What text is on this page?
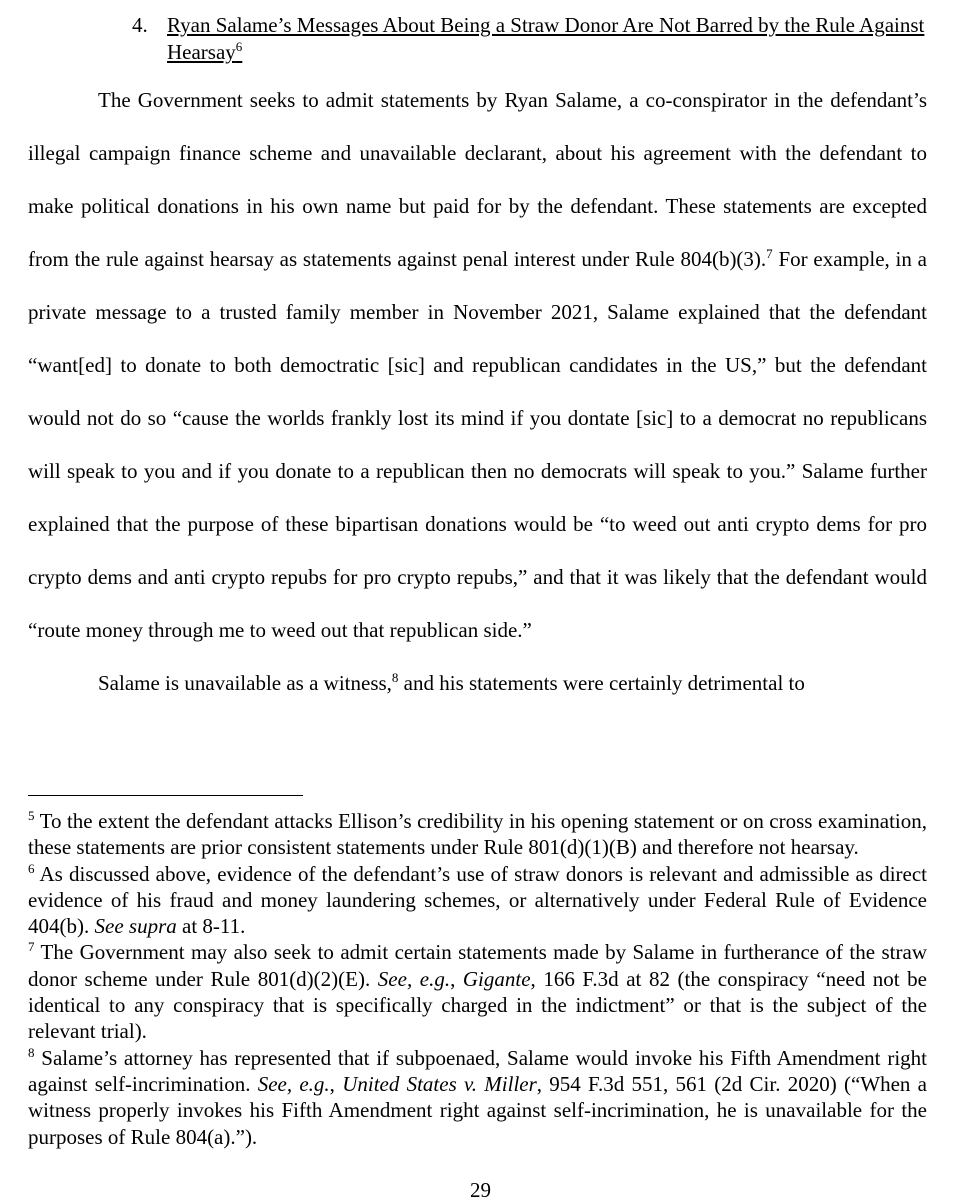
4. Ryan Salame’s Messages About Being a Straw Donor Are Not Barred by the Rule Against Hearsay$^6$

The Government seeks to admit statements by Ryan Salame, a co-conspirator in the defendant’s illegal campaign finance scheme and unavailable declarant, about his agreement with the defendant to make political donations in his own name but paid for by the defendant. These statements are excepted from the rule against hearsay as statements against penal interest under Rule 804(b)(3).$^7$ For example, in a private message to a trusted family member in November 2021, Salame explained that the defendant “want[ed] to donate to both democtratic [sic] and republican candidates in the US,” but the defendant would not do so “cause the worlds frankly lost its mind if you dontate [sic] to a democrat no republicans will speak to you and if you donate to a republican then no democrats will speak to you.” Salame further explained that the purpose of these bipartisan donations would be “to weed out anti crypto dems for pro crypto dems and anti crypto repubs for pro crypto repubs,” and that it was likely that the defendant would “route money through me to weed out that republican side.”

Salame is unavailable as a witness,$^8$ and his statements were certainly detrimental to

$^5$ To the extent the defendant attacks Ellison’s credibility in his opening statement or on cross examination, these statements are prior consistent statements under Rule 801(d)(1)(B) and therefore not hearsay.

$^6$ As discussed above, evidence of the defendant’s use of straw donors is relevant and admissible as direct evidence of his fraud and money laundering schemes, or alternatively under Federal Rule of Evidence 404(b). See supra at 8-11.

$^7$ The Government may also seek to admit certain statements made by Salame in furtherance of the straw donor scheme under Rule 801(d)(2)(E). See, e.g., Gigante, 166 F.3d at 82 (the conspiracy “need not be identical to any conspiracy that is specifically charged in the indictment” or that is the subject of the relevant trial).

$^8$ Salame’s attorney has represented that if subpoenaed, Salame would invoke his Fifth Amendment right against self-incrimination. See, e.g., United States v. Miller, 954 F.3d 551, 561 (2d Cir. 2020) (“When a witness properly invokes his Fifth Amendment right against self-incrimination, he is unavailable for the purposes of Rule 804(a).”).

29
